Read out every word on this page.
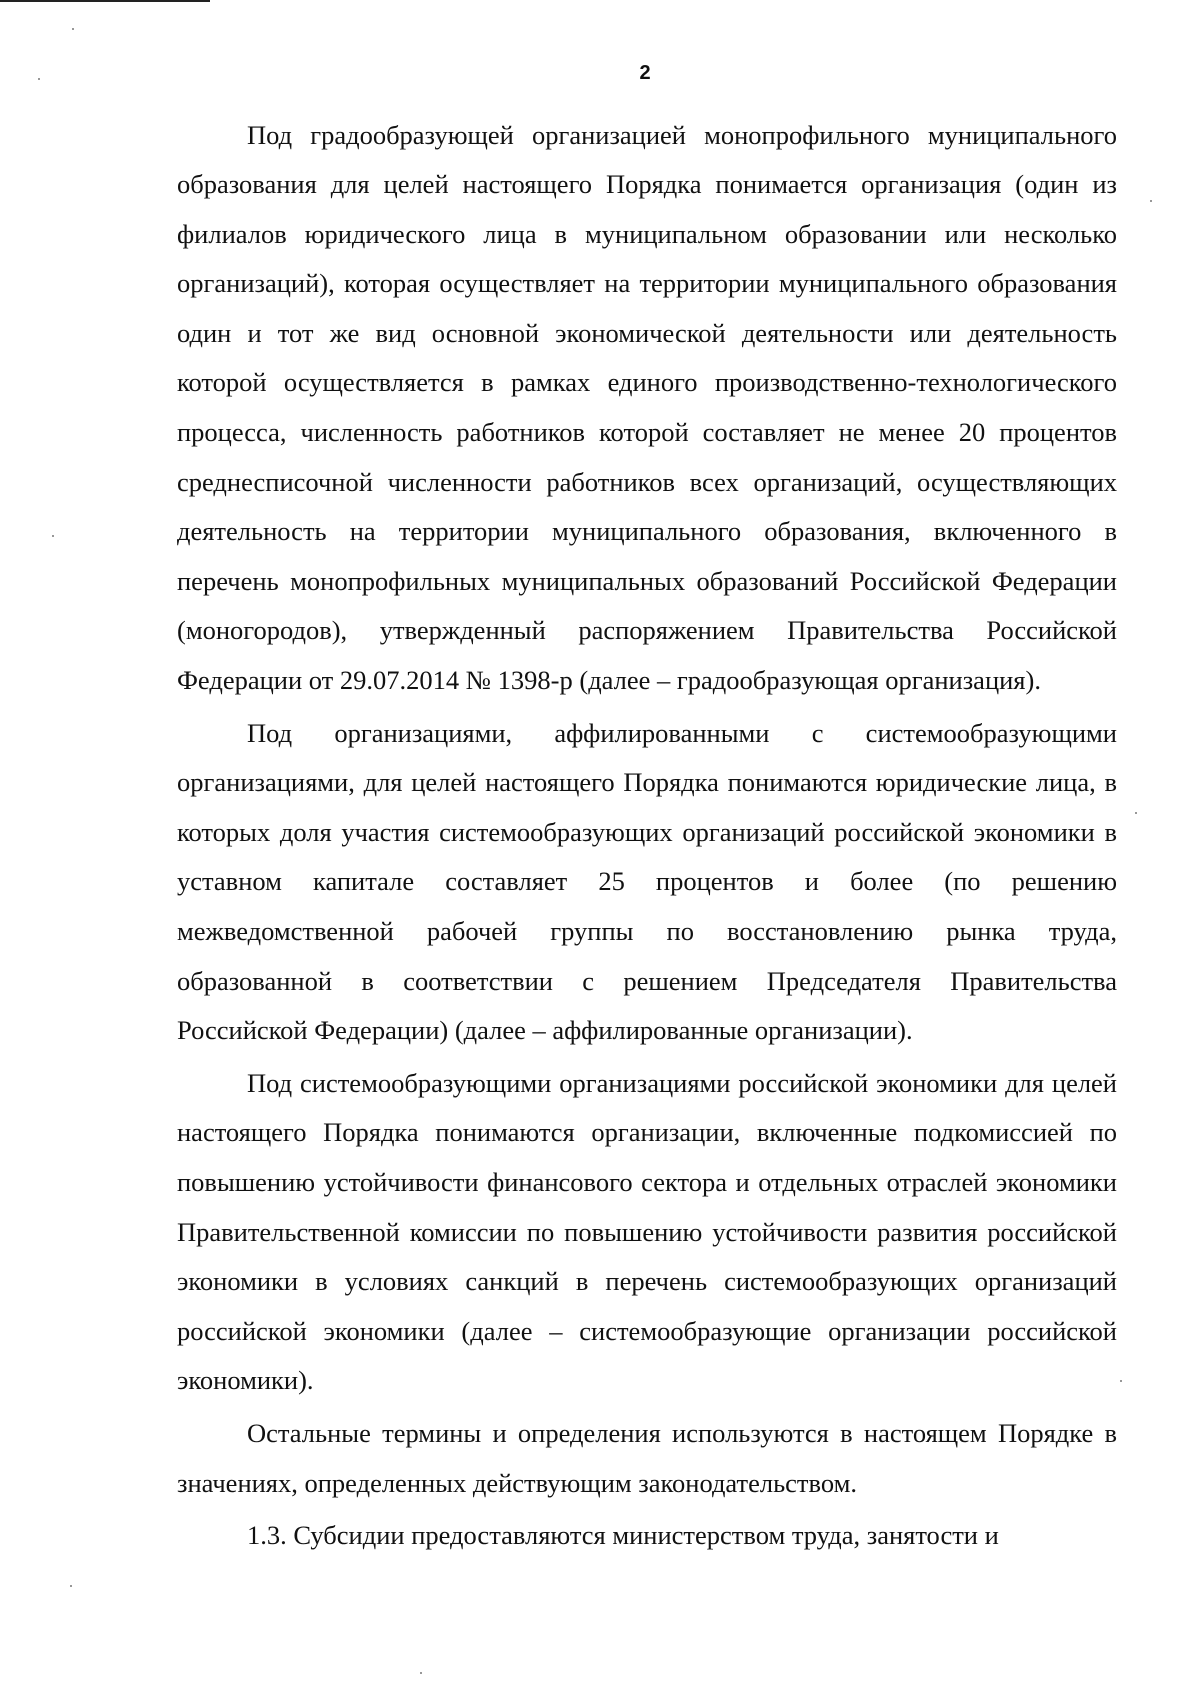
2

Под градообразующей организацией монопрофильного муниципального образования для целей настоящего Порядка понимается организация (один из филиалов юридического лица в муниципальном образовании или несколько организаций), которая осуществляет на территории муниципального образования один и тот же вид основной экономической деятельности или деятельность которой осуществляется в рамках единого производственно-технологического процесса, численность работников которой составляет не менее 20 процентов среднесписочной численности работников всех организаций, осуществляющих деятельность на территории муниципального образования, включенного в перечень монопрофильных муниципальных образований Российской Федерации (моногородов), утвержденный распоряжением Правительства Российской Федерации от 29.07.2014 № 1398-р (далее – градообразующая организация).

Под организациями, аффилированными с системообразующими организациями, для целей настоящего Порядка понимаются юридические лица, в которых доля участия системообразующих организаций российской экономики в уставном капитале составляет 25 процентов и более (по решению межведомственной рабочей группы по восстановлению рынка труда, образованной в соответствии с решением Председателя Правительства Российской Федерации) (далее – аффилированные организации).

Под системообразующими организациями российской экономики для целей настоящего Порядка понимаются организации, включенные подкомиссией по повышению устойчивости финансового сектора и отдельных отраслей экономики Правительственной комиссии по повышению устойчивости развития российской экономики в условиях санкций в перечень системообразующих организаций российской экономики (далее – системообразующие организации российской экономики).

Остальные термины и определения используются в настоящем Порядке в значениях, определенных действующим законодательством.

1.3. Субсидии предоставляются министерством труда, занятости и
